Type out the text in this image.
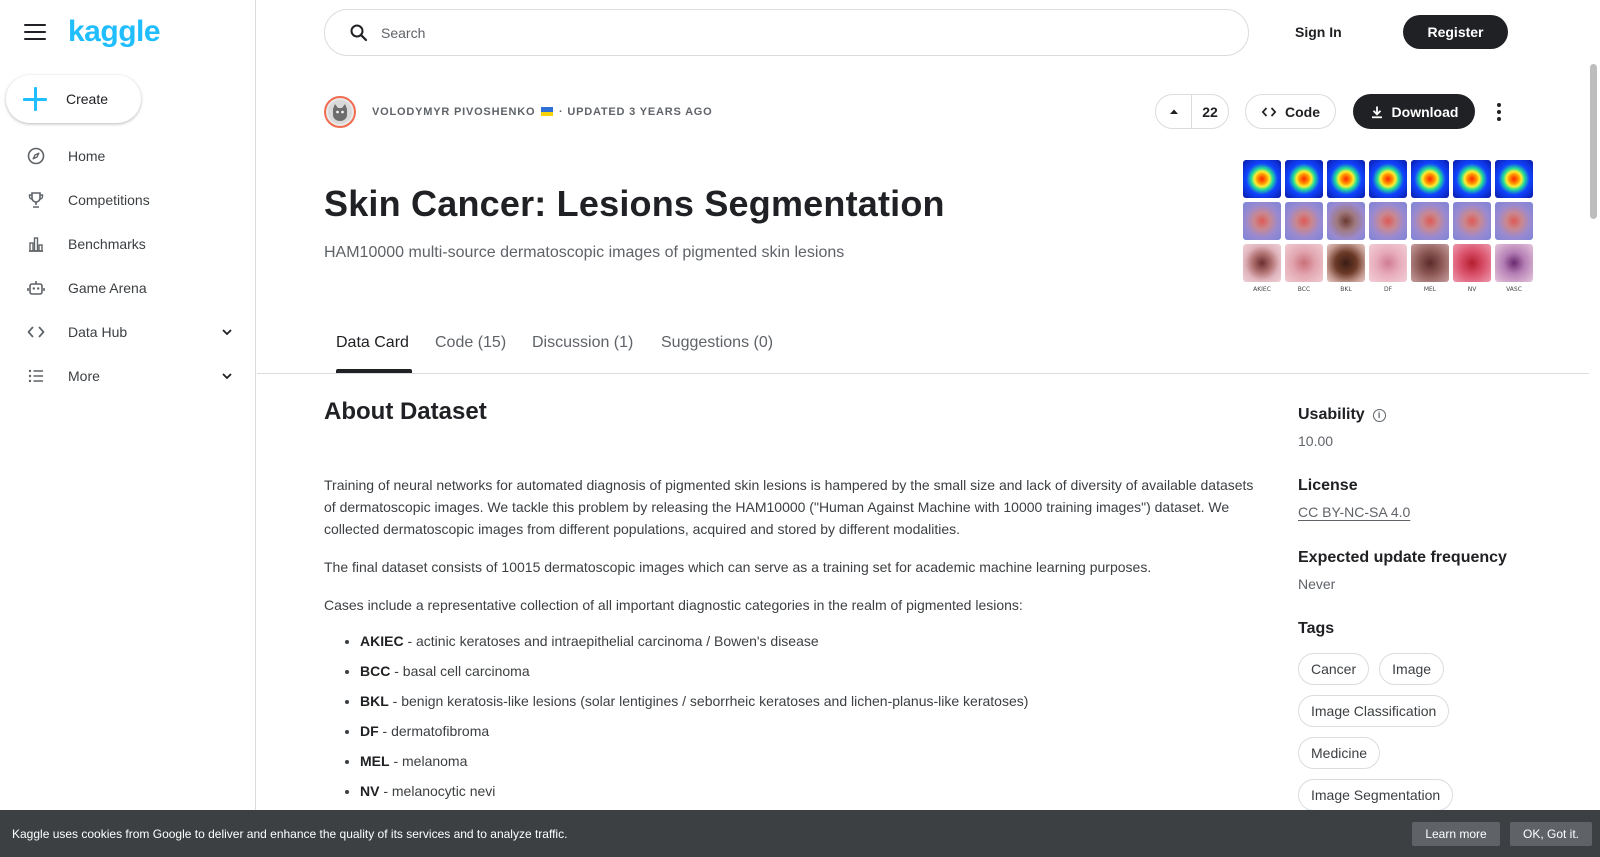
kaggle
Create
Home
Competitions
Benchmarks
Game Arena
Data Hub
More
Search
Sign In	Register
VOLODYMYR PIVOSHENKO · UPDATED 3 YEARS AGO	22	Code	Download
Skin Cancer: Lesions Segmentation
HAM10000 multi-source dermatoscopic images of pigmented skin lesions
AKIEC	BCC	BKL	DF	MEL	NV	VASC
Data Card Code (15) Discussion (1) Suggestions (0)
About Dataset

Training of neural networks for automated diagnosis of pigmented skin lesions is hampered by the small size and lack of diversity of available datasets of dermatoscopic images. We tackle this problem by releasing the HAM10000 ("Human Against Machine with 10000 training images") dataset. We collected dermatoscopic images from different populations, acquired and stored by different modalities.

The final dataset consists of 10015 dermatoscopic images which can serve as a training set for academic machine learning purposes.

Cases include a representative collection of all important diagnostic categories in the realm of pigmented lesions:

• AKIEC - actinic keratoses and intraepithelial carcinoma / Bowen's disease
• BCC - basal cell carcinoma
• BKL - benign keratosis-like lesions (solar lentigines / seborrheic keratoses and lichen-planus-like keratoses)
• DF - dermatofibroma
• MEL - melanoma
• NV - melanocytic nevi
Usability	i
10.00
License
CC BY-NC-SA 4.0
Expected update frequency
Never
Tags
Cancer	Image
Image Classification
Medicine
Image Segmentation
Kaggle uses cookies from Google to deliver and enhance the quality of its services and to analyze traffic.	Learn more	OK, Got it.
